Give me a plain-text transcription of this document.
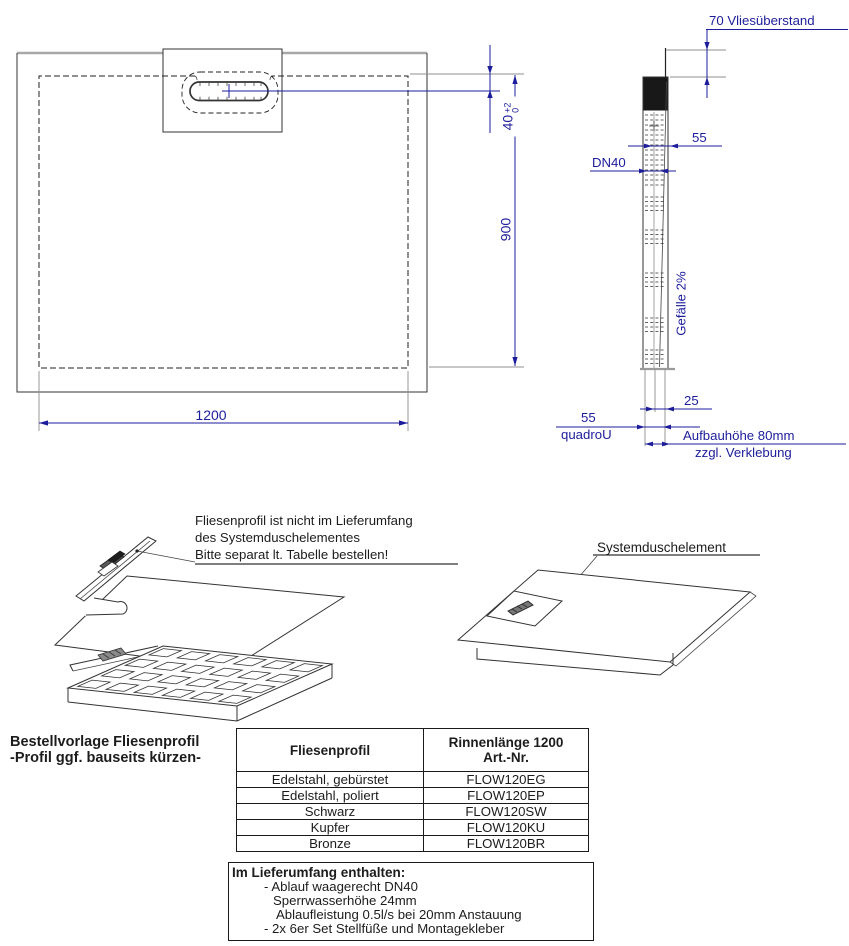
1200
900
40
+2
0
70 Vliesüberstand
55
DN40
Gefälle 2%
25
55
quadroU	Aufbauhöhe 80mm
zzgl. Verklebung
Fliesenprofil ist nicht im Lieferumfang
des Systemduschelementes
Bitte separat lt. Tabelle bestellen!	Systemduschelement
Bestellvorlage Fliesenprofil
-Profil ggf. bauseits kürzen-	Fliesenprofil	Rinnenlänge 1200
Art.-Nr.
Edelstahl, gebürstet	FLOW120EG
Edelstahl, poliert	FLOW120EP
Schwarz	FLOW120SW
Kupfer	FLOW120KU
Bronze	FLOW120BR
Im Lieferumfang enthalten:
- Ablauf waagerecht DN40
Sperrwasserhöhe 24mm
Ablaufleistung 0.5l/s bei 20mm Anstauung
- 2x 6er Set Stellfüße und Montagekleber
